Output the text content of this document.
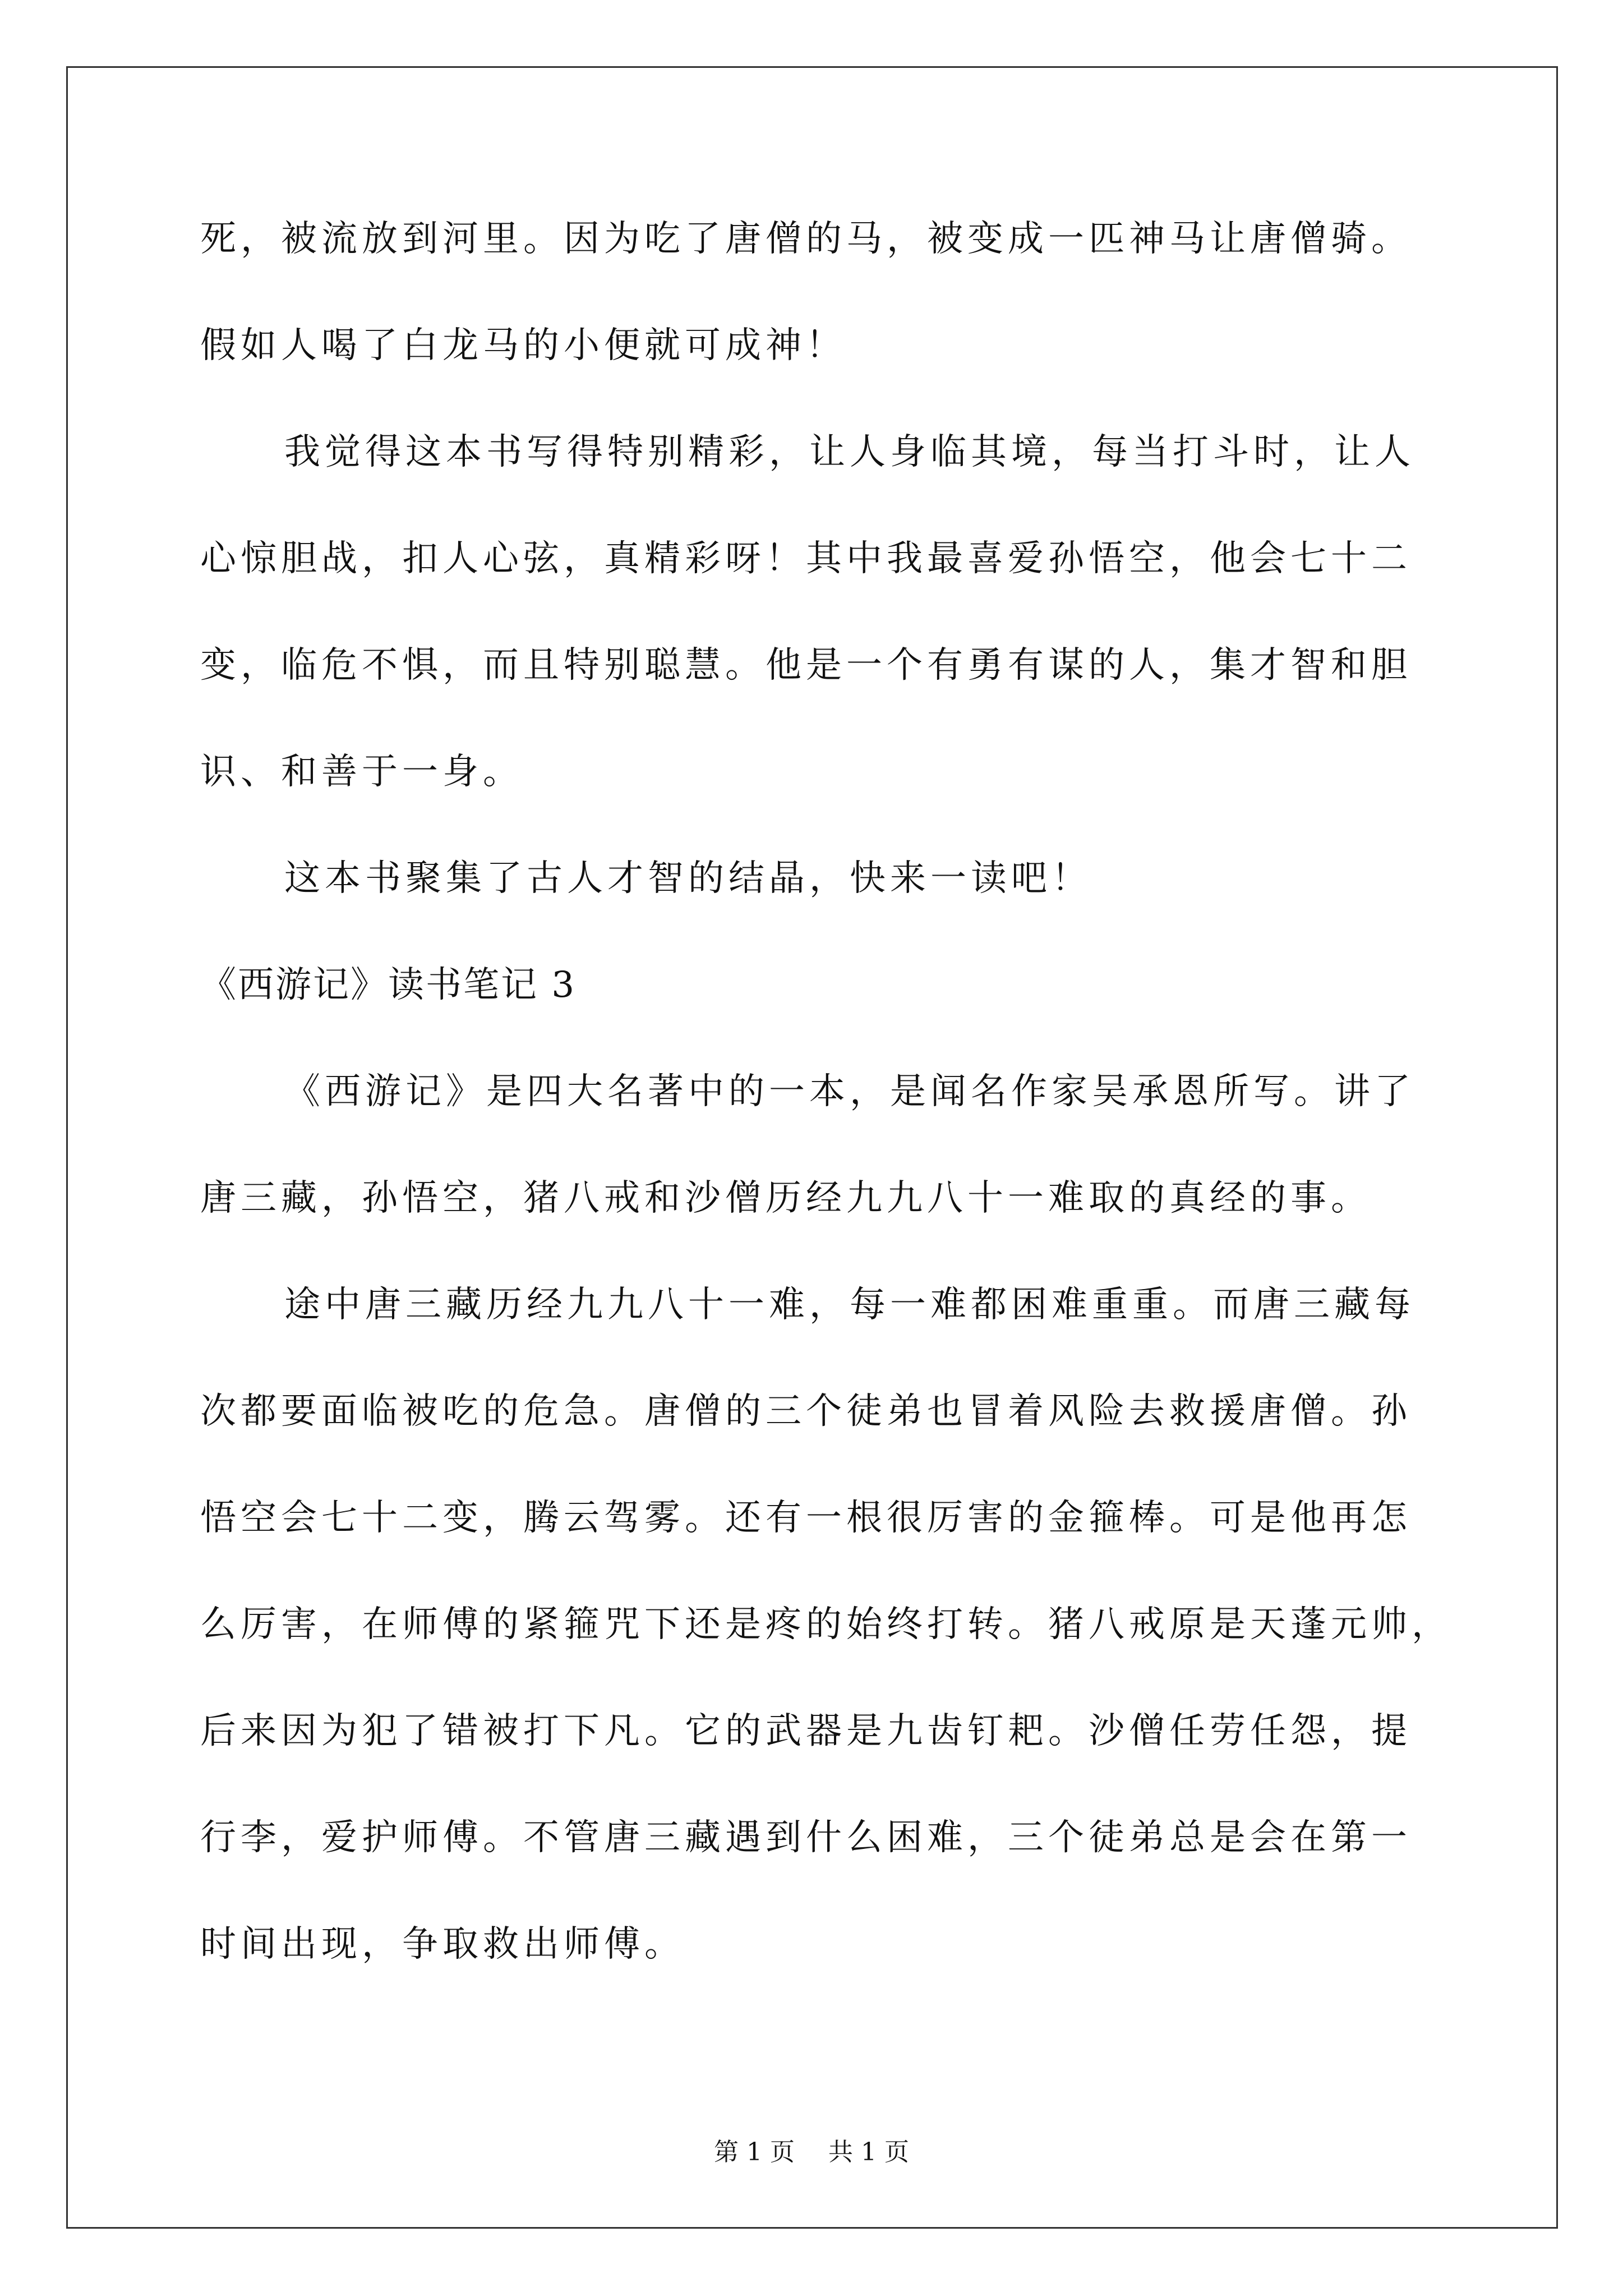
死，被流放到河里。因为吃了唐僧的马，被变成一匹神马让唐僧骑。
假如人喝了白龙马的小便就可成神！
我觉得这本书写得特别精彩，让人身临其境，每当打斗时，让人
心惊胆战，扣人心弦，真精彩呀！其中我最喜爱孙悟空，他会七十二
变，临危不惧，而且特别聪慧。他是一个有勇有谋的人，集才智和胆
识、和善于一身。
这本书聚集了古人才智的结晶，快来一读吧！
《西游记》读书笔记 3
《西游记》是四大名著中的一本，是闻名作家吴承恩所写。讲了
唐三藏，孙悟空，猪八戒和沙僧历经九九八十一难取的真经的事。
途中唐三藏历经九九八十一难，每一难都困难重重。而唐三藏每
次都要面临被吃的危急。唐僧的三个徒弟也冒着风险去救援唐僧。孙
悟空会七十二变，腾云驾雾。还有一根很厉害的金箍棒。可是他再怎
么厉害，在师傅的紧箍咒下还是疼的始终打转。猪八戒原是天蓬元帅，
后来因为犯了错被打下凡。它的武器是九齿钉耙。沙僧任劳任怨，提
行李，爱护师傅。不管唐三藏遇到什么困难，三个徒弟总是会在第一
时间出现，争取救出师傅。
第 1 页 共 1 页
